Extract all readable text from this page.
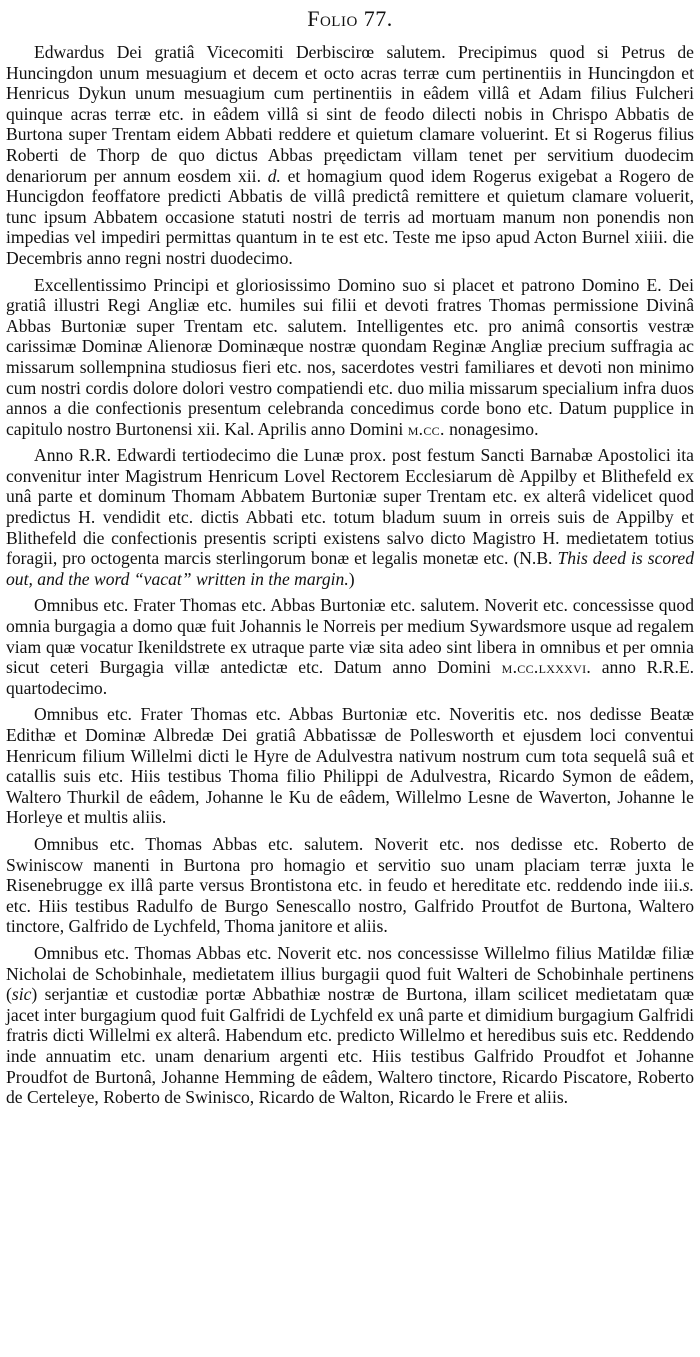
Folio 77.

Edwardus Dei gratiâ Vicecomiti Derbiscirœ salutem. Precipimus quod si Petrus de Huncingdon unum mesuagium et decem et octo acras terræ cum pertinentiis in Huncingdon et Henricus Dykun unum mesuagium cum pertinentiis in eâdem villâ et Adam filius Fulcheri quinque acras terræ etc. in eâdem villâ si sint de feodo dilecti nobis in Chrispo Abbatis de Burtona super Trentam eidem Abbati reddere et quietum clamare voluerint. Et si Rogerus filius Roberti de Thorp de quo dictus Abbas pręedictam villam tenet per servitium duodecim denariorum per annum eosdem xii. d. et homagium quod idem Rogerus exigebat a Rogero de Huncigdon feoffatore predicti Abbatis de villâ predictâ remittere et quietum clamare voluerit, tunc ipsum Abbatem occasione statuti nostri de terris ad mortuam manum non ponendis non impedias vel impediri permittas quantum in te est etc. Teste me ipso apud Acton Burnel xiiii. die Decembris anno regni nostri duodecimo.

Excellentissimo Principi et gloriosissimo Domino suo si placet et patrono Domino E. Dei gratiâ illustri Regi Angliæ etc. humiles sui filii et devoti fratres Thomas permissione Divinâ Abbas Burtoniæ super Trentam etc. salutem. Intelligentes etc. pro animâ consortis vestræ carissimæ Dominæ Alienoræ Dominæque nostræ quondam Reginæ Angliæ precium suffragia ac missarum sollempnina studiosus fieri etc. nos, sacerdotes vestri familiares et devoti non minimo cum nostri cordis dolore dolori vestro compatiendi etc. duo milia missarum specialium infra duos annos a die confectionis presentum celebranda concedimus corde bono etc. Datum pupplice in capitulo nostro Burtonensi xii. Kal. Aprilis anno Domini m.cc. nonagesimo.

Anno R.R. Edwardi tertiodecimo die Lunæ prox. post festum Sancti Barnabæ Apostolici ita convenitur inter Magistrum Henricum Lovel Rectorem Ecclesiarum dè Appilby et Blithefeld ex unâ parte et dominum Thomam Abbatem Burtoniæ super Trentam etc. ex alterâ videlicet quod predictus H. vendidit etc. dictis Abbati etc. totum bladum suum in orreis suis de Appilby et Blithefeld die confectionis presentis scripti existens salvo dicto Magistro H. medietatem totius foragii, pro octogenta marcis sterlingorum bonæ et legalis monetæ etc. (N.B. This deed is scored out, and the word “vacat” written in the margin.)

Omnibus etc. Frater Thomas etc. Abbas Burtoniæ etc. salutem. Noverit etc. concessisse quod omnia burgagia a domo quæ fuit Johannis le Norreis per medium Sywardsmore usque ad regalem viam quæ vocatur Ikenildstrete ex utraque parte viæ sita adeo sint libera in omnibus et per omnia sicut ceteri Burgagia villæ antedictæ etc. Datum anno Domini m.cc.lxxxvi. anno R.R.E. quartodecimo.

Omnibus etc. Frater Thomas etc. Abbas Burtoniæ etc. Noveritis etc. nos dedisse Beatæ Edithæ et Dominæ Albredæ Dei gratiâ Abbatissæ de Pollesworth et ejusdem loci conventui Henricum filium Willelmi dicti le Hyre de Adulvestra nativum nostrum cum tota sequelâ suâ et catallis suis etc. Hiis testibus Thoma filio Philippi de Adulvestra, Ricardo Symon de eâdem, Waltero Thurkil de eâdem, Johanne le Ku de eâdem, Willelmo Lesne de Waverton, Johanne le Horleye et multis aliis.

Omnibus etc. Thomas Abbas etc. salutem. Noverit etc. nos dedisse etc. Roberto de Swiniscow manenti in Burtona pro homagio et servitio suo unam placiam terræ juxta le Risenebrugge ex illâ parte versus Brontistona etc. in feudo et hereditate etc. reddendo inde iii.s. etc. Hiis testibus Radulfo de Burgo Senescallo nostro, Galfrido Proutfot de Burtona, Waltero tinctore, Galfrido de Lychfeld, Thoma janitore et aliis.

Omnibus etc. Thomas Abbas etc. Noverit etc. nos concessisse Willelmo filius Matildæ filiæ Nicholai de Schobinhale, medietatem illius burgagii quod fuit Walteri de Schobinhale pertinens (sic) serjantiæ et custodiæ portæ Abbathiæ nostræ de Burtona, illam scilicet medietatam quæ jacet inter burgagium quod fuit Galfridi de Lychfeld ex unâ parte et dimidium burgagium Galfridi fratris dicti Willelmi ex alterâ. Habendum etc. predicto Willelmo et heredibus suis etc. Reddendo inde annuatim etc. unam denarium argenti etc. Hiis testibus Galfrido Proudfot et Johanne Proudfot de Burtonâ, Johanne Hemming de eâdem, Waltero tinctore, Ricardo Piscatore, Roberto de Certeleye, Roberto de Swinisco, Ricardo de Walton, Ricardo le Frere et aliis.
